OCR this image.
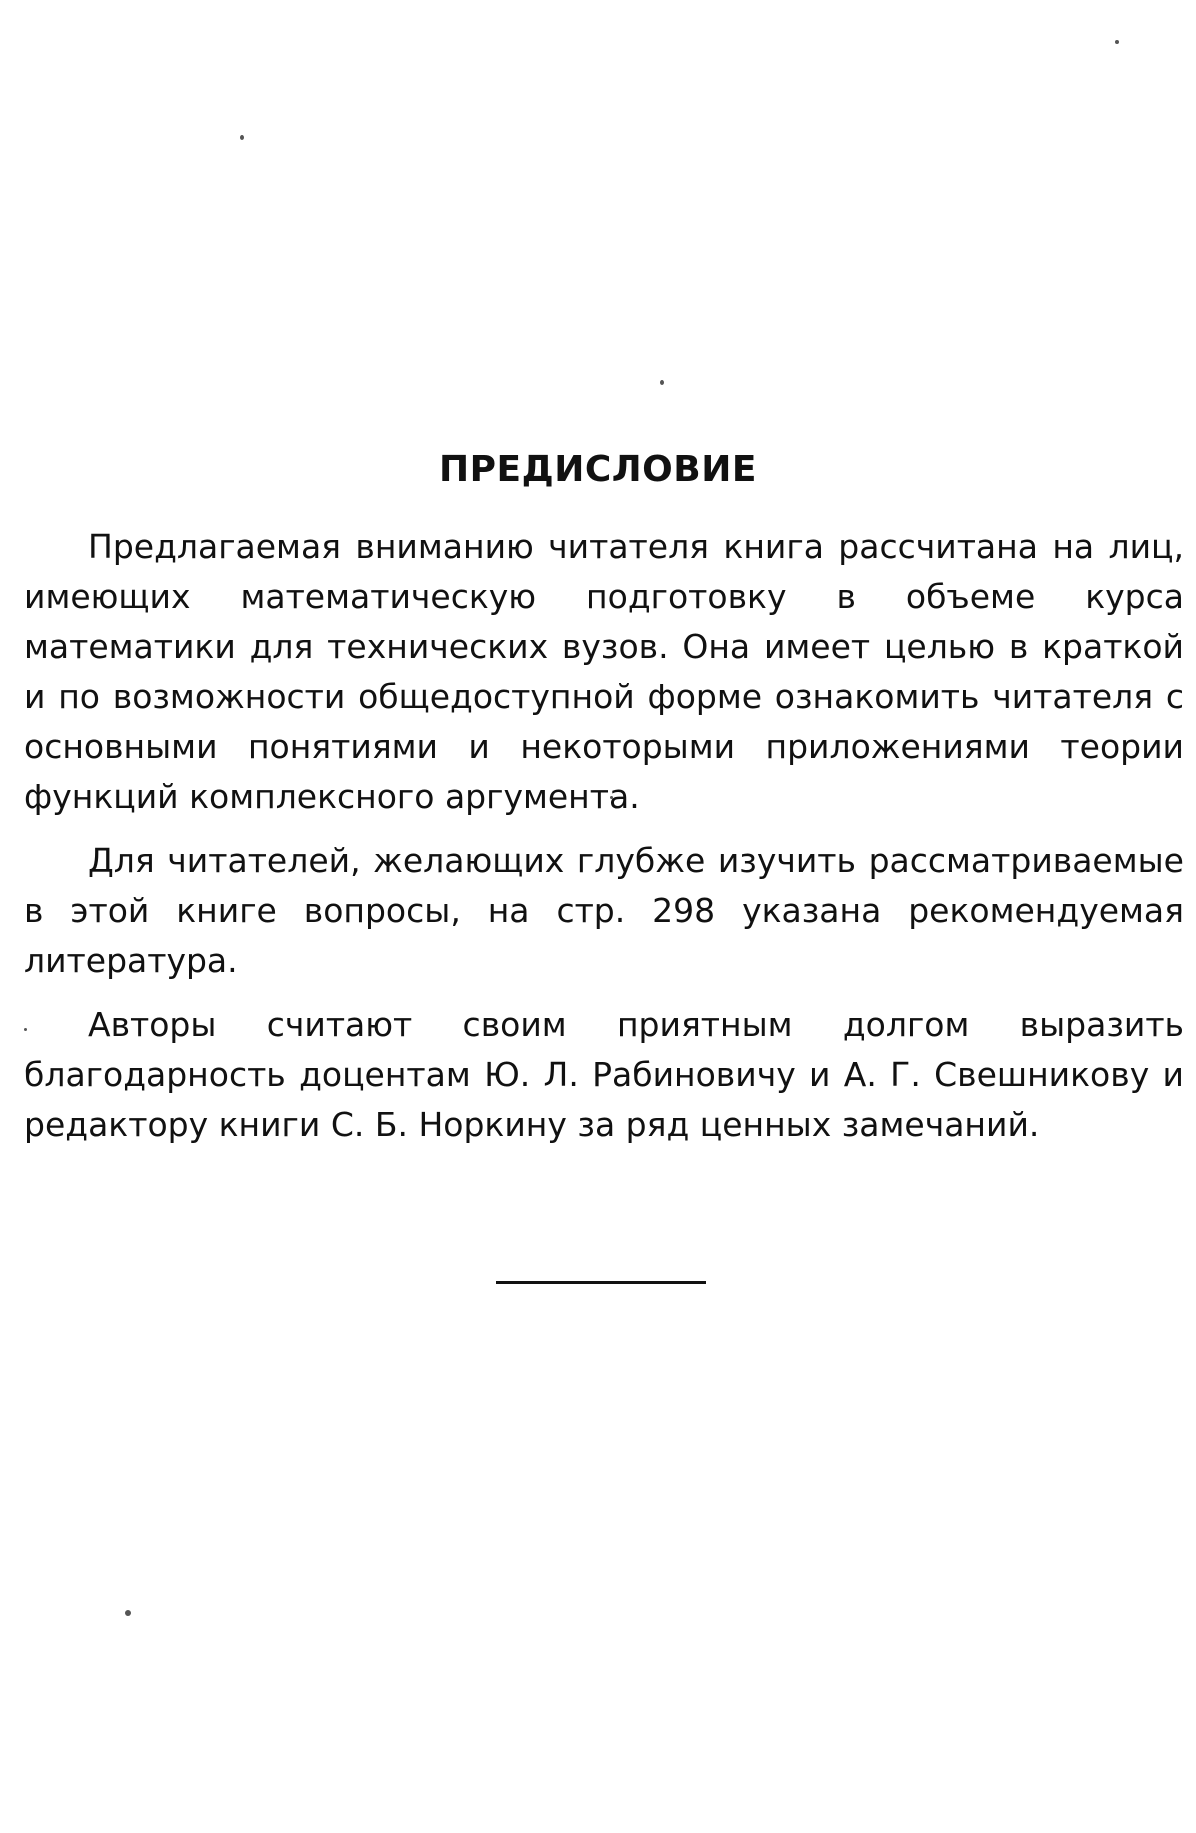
ПРЕДИСЛОВИЕ

Предлагаемая вниманию читателя книга рассчитана на лиц, имеющих математическую подготовку в объеме курса математики для технических вузов. Она имеет целью в краткой и по возможности общедоступной форме ознакомить читателя с основными понятиями и некоторыми приложениями теории функций комплексного аргумента.

Для читателей, желающих глубже изучить рассматриваемые в этой книге вопросы, на стр. 298 указана рекомендуемая литература.

Авторы считают своим приятным долгом выразить благодарность доцентам Ю. Л. Рабиновичу и А. Г. Свешникову и редактору книги С. Б. Норкину за ряд ценных замечаний.
